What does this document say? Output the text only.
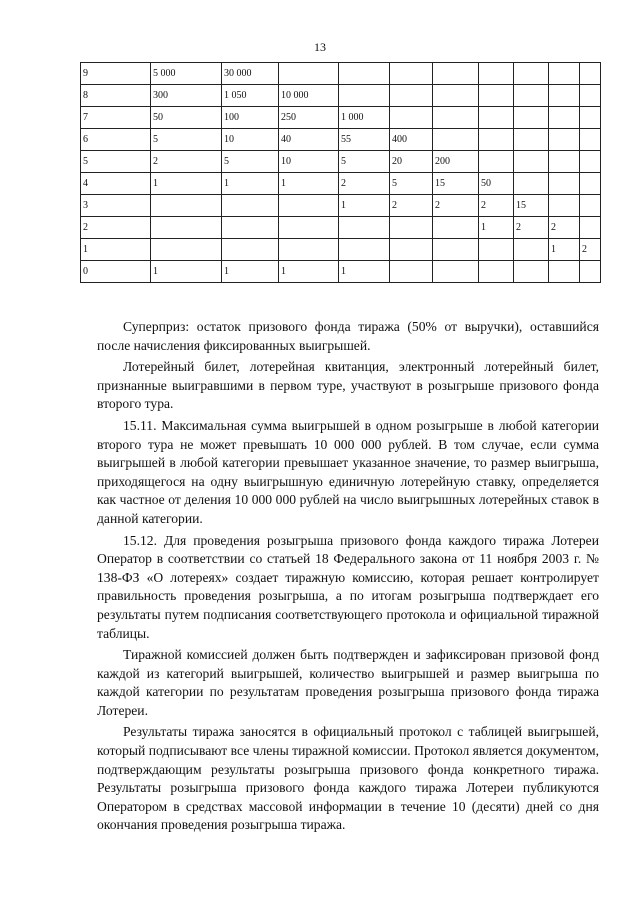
13
9	5 000	30 000								
8	300	1 050	10 000							
7	50	100	250	1 000						
6	5	10	40	55	400					
5	2	5	10	5	20	200				
4	1	1	1	2	5	15	50			
3				1	2	2	2	15		
2							1	2	2	
1									1	2
0	1	1	1	1						

Суперприз: остаток призового фонда тиража (50% от выручки), оставшийся после начисления фиксированных выигрышей.

Лотерейный билет, лотерейная квитанция, электронный лотерейный билет, признанные выигравшими в первом туре, участвуют в розыгрыше призового фонда второго тура.

15.11. Максимальная сумма выигрышей в одном розыгрыше в любой категории второго тура не может превышать 10 000 000 рублей. В том случае, если сумма выигрышей в любой категории превышает указанное значение, то размер выигрыша, приходящегося на одну выигрышную единичную лотерейную ставку, определяется как частное от деления 10 000 000 рублей на число выигрышных лотерейных ставок в данной категории.

15.12. Для проведения розыгрыша призового фонда каждого тиража Лотереи Оператор в соответствии со статьей 18 Федерального закона от 11 ноября 2003 г. № 138-ФЗ «О лотереях» создает тиражную комиссию, которая решает контролирует правильность проведения розыгрыша, а по итогам розыгрыша подтверждает его результаты путем подписания соответствующего протокола и официальной тиражной таблицы.

Тиражной комиссией должен быть подтвержден и зафиксирован призовой фонд каждой из категорий выигрышей, количество выигрышей и размер выигрыша по каждой категории по результатам проведения розыгрыша призового фонда тиража Лотереи.

Результаты тиража заносятся в официальный протокол с таблицей выигрышей, который подписывают все члены тиражной комиссии. Протокол является документом, подтверждающим результаты розыгрыша призового фонда конкретного тиража. Результаты розыгрыша призового фонда каждого тиража Лотереи публикуются Оператором в средствах массовой информации в течение 10 (десяти) дней со дня окончания проведения розыгрыша тиража.
